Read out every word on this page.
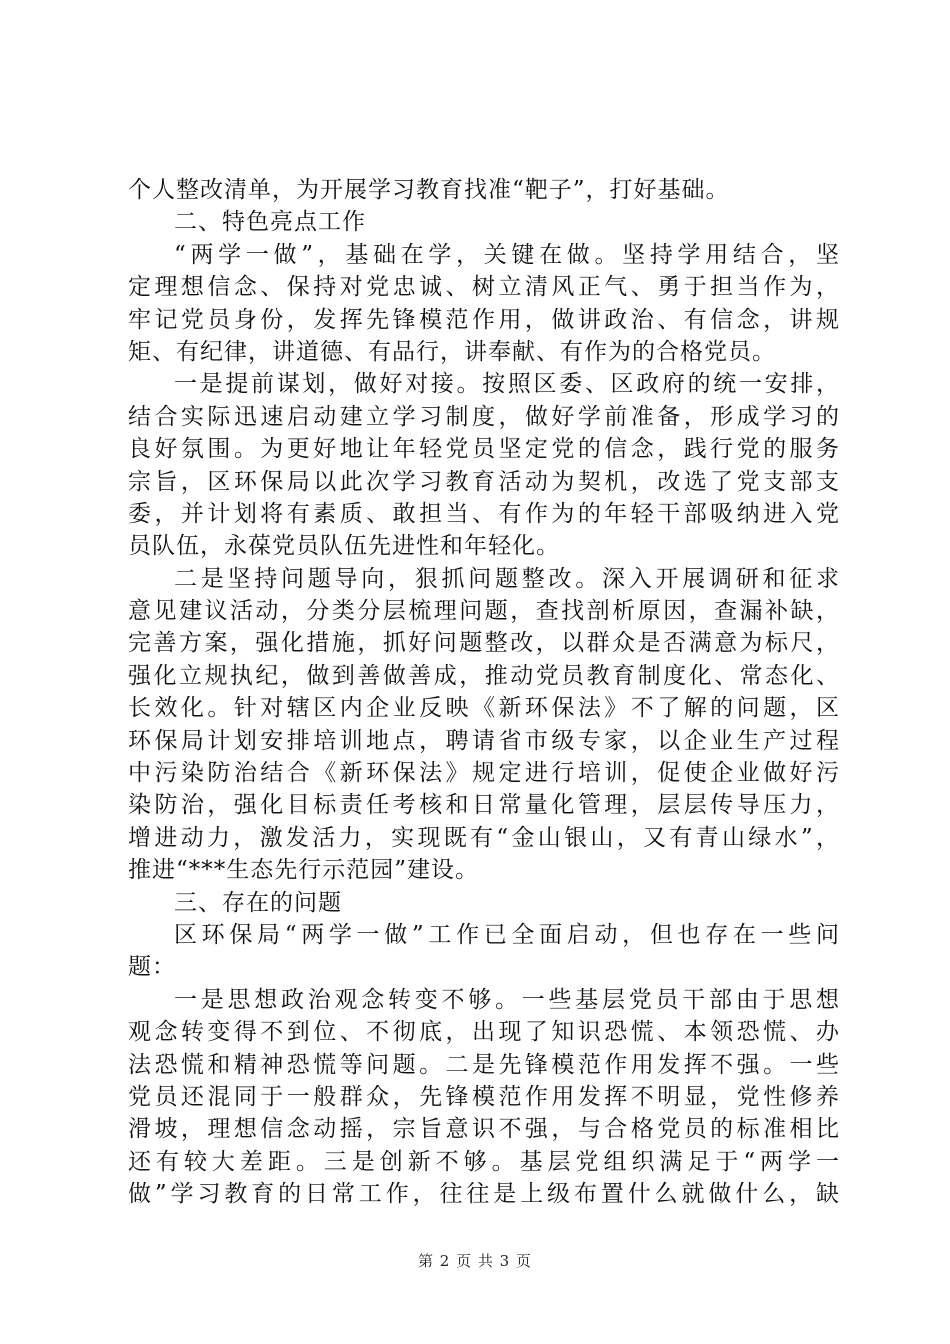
个人整改清单，为开展学习教育找准“靶子”，打好基础。
二、特色亮点工作
“两学一做”，基础在学，关键在做。坚持学用结合，坚
定理想信念、保持对党忠诚、树立清风正气、勇于担当作为，
牢记党员身份，发挥先锋模范作用，做讲政治、有信念，讲规
矩、有纪律，讲道德、有品行，讲奉献、有作为的合格党员。
一是提前谋划，做好对接。按照区委、区政府的统一安排，
结合实际迅速启动建立学习制度，做好学前准备，形成学习的
良好氛围。为更好地让年轻党员坚定党的信念，践行党的服务
宗旨，区环保局以此次学习教育活动为契机，改选了党支部支
委，并计划将有素质、敢担当、有作为的年轻干部吸纳进入党
员队伍，永葆党员队伍先进性和年轻化。
二是坚持问题导向，狠抓问题整改。深入开展调研和征求
意见建议活动，分类分层梳理问题，查找剖析原因，查漏补缺，
完善方案，强化措施，抓好问题整改，以群众是否满意为标尺，
强化立规执纪，做到善做善成，推动党员教育制度化、常态化、
长效化。针对辖区内企业反映《新环保法》不了解的问题，区
环保局计划安排培训地点，聘请省市级专家，以企业生产过程
中污染防治结合《新环保法》规定进行培训，促使企业做好污
染防治，强化目标责任考核和日常量化管理，层层传导压力，
增进动力，激发活力，实现既有“金山银山，又有青山绿水”，
推进“***生态先行示范园”建设。
三、存在的问题
区环保局“两学一做”工作已全面启动，但也存在一些问
题：
一是思想政治观念转变不够。一些基层党员干部由于思想
观念转变得不到位、不彻底，出现了知识恐慌、本领恐慌、办
法恐慌和精神恐慌等问题。二是先锋模范作用发挥不强。一些
党员还混同于一般群众，先锋模范作用发挥不明显，党性修养
滑坡，理想信念动摇，宗旨意识不强，与合格党员的标准相比
还有较大差距。三是创新不够。基层党组织满足于“两学一
做”学习教育的日常工作，往往是上级布置什么就做什么，缺
第 2 页 共 3 页
